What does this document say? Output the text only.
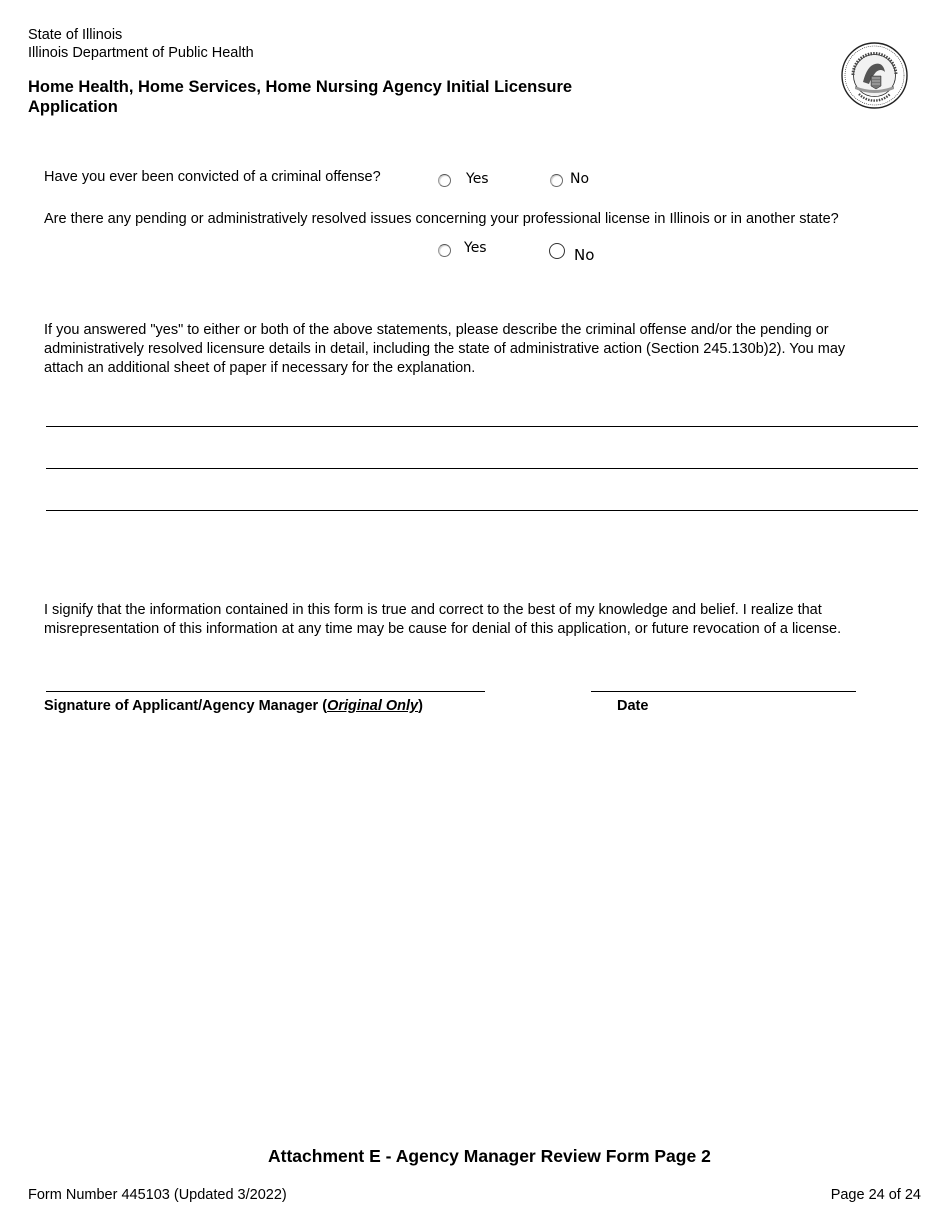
State of Illinois
Illinois Department of Public Health
Home Health, Home Services, Home Nursing Agency Initial Licensure
Application
Have you ever been convicted of a criminal offense?	Yes	No
Are there any pending or administratively resolved issues concerning your professional license in Illinois or in another state?
Yes	No
If you answered "yes" to either or both of the above statements, please describe the criminal offense and/or the pending or
administratively resolved licensure details in detail, including the state of administrative action (Section 245.130b)2). You may
attach an additional sheet of paper if necessary for the explanation.
I signify that the information contained in this form is true and correct to the best of my knowledge and belief. I realize that
misrepresentation of this information at any time may be cause for denial of this application, or future revocation of a license.
Signature of Applicant/Agency Manager (Original Only)	Date
Attachment E - Agency Manager Review Form Page 2
Form Number 445103 (Updated 3/2022)	Page 24 of 24
